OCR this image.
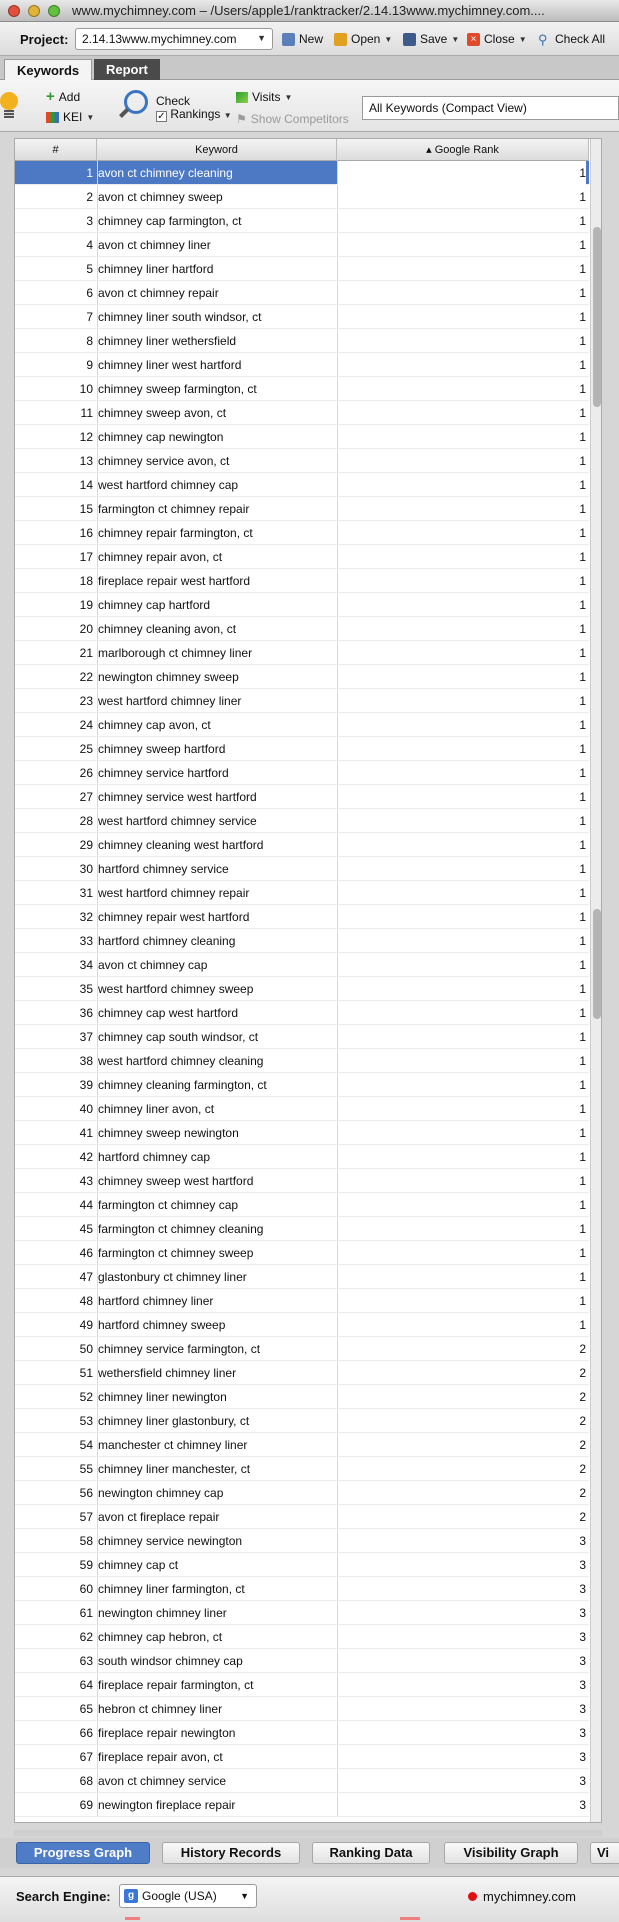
www.mychimney.com – /Users/apple1/ranktracker/2.14.13www.mychimney.com....
Project:	2.14.13www.mychimney.com ▼	New Open ▼ Save ▼	× Close ▼ ⚲ Check All
Keywords	Report
+ Add
KEI ▼
Check
✓ Rankings ▼
Visits ▼
⚑ Show Competitors
All Keywords (Compact View)
#	Keyword	▴ Google Rank
1 avon ct chimney cleaning	1
2 avon ct chimney sweep	1
3 chimney cap farmington, ct	1
4 avon ct chimney liner	1
5 chimney liner hartford	1
6 avon ct chimney repair	1
7 chimney liner south windsor, ct	1
8 chimney liner wethersfield	1
9 chimney liner west hartford	1
10 chimney sweep farmington, ct	1
11 chimney sweep avon, ct	1
12 chimney cap newington	1
13 chimney service avon, ct	1
14 west hartford chimney cap	1
15 farmington ct chimney repair	1
16 chimney repair farmington, ct	1
17 chimney repair avon, ct	1
18 fireplace repair west hartford	1
19 chimney cap hartford	1
20 chimney cleaning avon, ct	1
21 marlborough ct chimney liner	1
22 newington chimney sweep	1
23 west hartford chimney liner	1
24 chimney cap avon, ct	1
25 chimney sweep hartford	1
26 chimney service hartford	1
27 chimney service west hartford	1
28 west hartford chimney service	1
29 chimney cleaning west hartford	1
30 hartford chimney service	1
31 west hartford chimney repair	1
32 chimney repair west hartford	1
33 hartford chimney cleaning	1
34 avon ct chimney cap	1
35 west hartford chimney sweep	1
36 chimney cap west hartford	1
37 chimney cap south windsor, ct	1
38 west hartford chimney cleaning	1
39 chimney cleaning farmington, ct	1
40 chimney liner avon, ct	1
41 chimney sweep newington	1
42 hartford chimney cap	1
43 chimney sweep west hartford	1
44 farmington ct chimney cap	1
45 farmington ct chimney cleaning	1
46 farmington ct chimney sweep	1
47 glastonbury ct chimney liner	1
48 hartford chimney liner	1
49 hartford chimney sweep	1
50 chimney service farmington, ct	2
51 wethersfield chimney liner	2
52 chimney liner newington	2
53 chimney liner glastonbury, ct	2
54 manchester ct chimney liner	2
55 chimney liner manchester, ct	2
56 newington chimney cap	2
57 avon ct fireplace repair	2
58 chimney service newington	3
59 chimney cap ct	3
60 chimney liner farmington, ct	3
61 newington chimney liner	3
62 chimney cap hebron, ct	3
63 south windsor chimney cap	3
64 fireplace repair farmington, ct	3
65 hebron ct chimney liner	3
66 fireplace repair newington	3
67 fireplace repair avon, ct	3
68 avon ct chimney service	3
69 newington fireplace repair	3
Progress Graph	History Records	Ranking Data	Visibility Graph	Vi
Search Engine:	g Google (USA)	▼	mychimney.com
